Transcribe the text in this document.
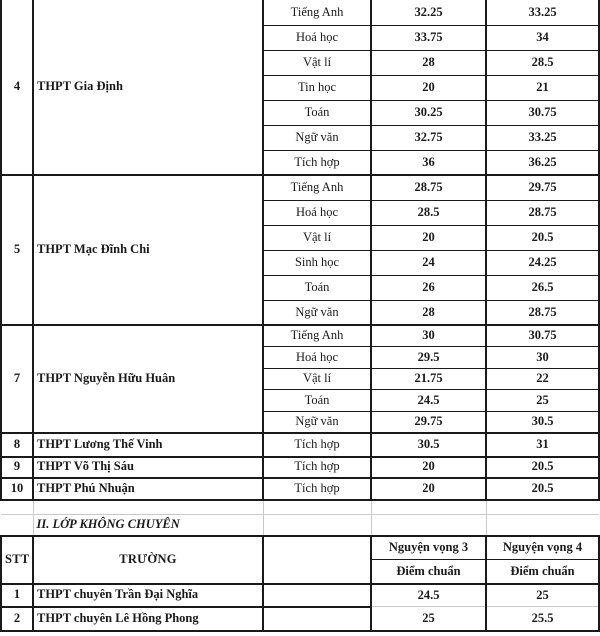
4	THPT Gia Định	Tiếng Anh	32.25	33.25
		Hoá học	33.75	34
		Vật lí	28	28.5
		Tin học	20	21
		Toán	30.25	30.75
		Ngữ văn	32.75	33.25
		Tích hợp	36	36.25
5	THPT Mạc Đĩnh Chi	Tiếng Anh	28.75	29.75
		Hoá học	28.5	28.75
		Vật lí	20	20.5
		Sinh học	24	24.25
		Toán	26	26.5
		Ngữ văn	28	28.75
7	THPT Nguyễn Hữu Huân	Tiếng Anh	30	30.75
		Hoá học	29.5	30
		Vật lí	21.75	22
		Toán	24.5	25
		Ngữ văn	29.75	30.5
8	THPT Lương Thế Vinh	Tích hợp	30.5	31
9	THPT Võ Thị Sáu	Tích hợp	20	20.5
10	THPT Phú Nhuận	Tích hợp	20	20.5

	II. LỚP KHÔNG CHUYÊN			
STT	TRƯỜNG		Nguyện vọng 3	Nguyện vọng 4
			Điểm chuẩn	Điểm chuẩn
1	THPT chuyên Trần Đại Nghĩa		24.5	25
2	THPT chuyên Lê Hồng Phong		25	25.5
